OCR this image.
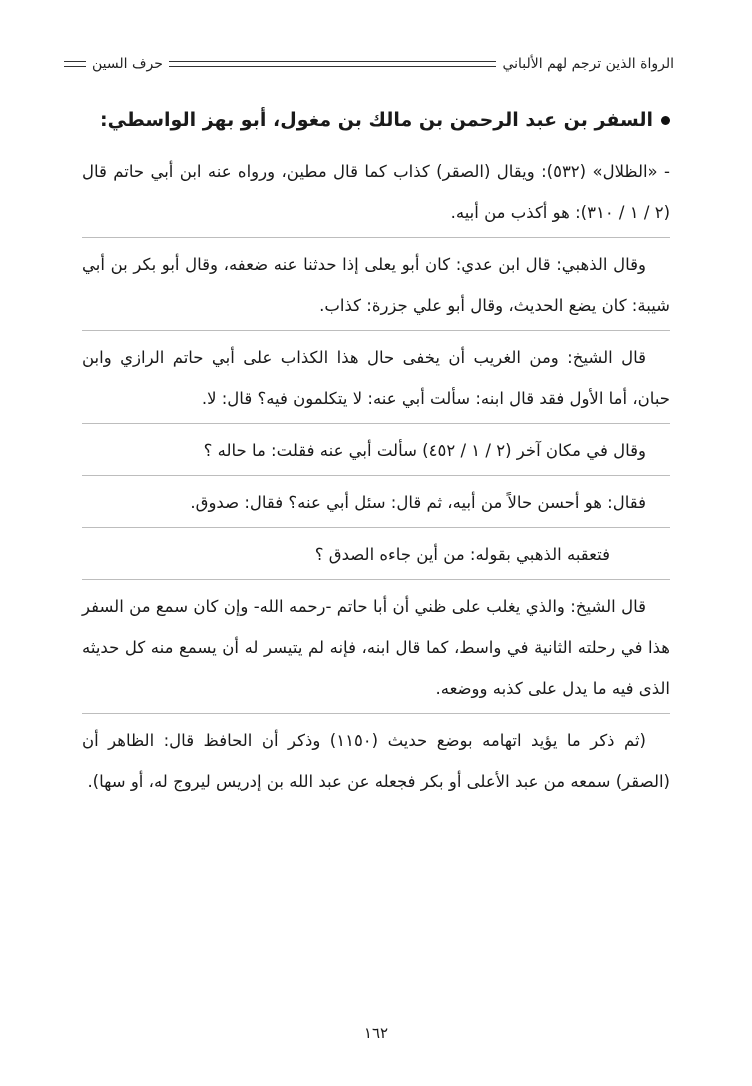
الرواة الذين ترجم لهم الألباني
حرف السين
السفر بن عبد الرحمن بن مالك بن مغول، أبو بهز الواسطي:

- «الظلال» (٥٣٢): ويقال (الصقر) كذاب كما قال مطين، ورواه عنه ابن أبي حاتم قال (٢ / ١ / ٣١٠): هو أكذب من أبيه.

وقال الذهبي: قال ابن عدي: كان أبو يعلى إذا حدثنا عنه ضعفه، وقال أبو بكر بن أبي شيبة: كان يضع الحديث، وقال أبو علي جزرة: كذاب.

قال الشيخ: ومن الغريب أن يخفى حال هذا الكذاب على أبي حاتم الرازي وابن حبان، أما الأول فقد قال ابنه: سألت أبي عنه: لا يتكلمون فيه؟ قال: لا.

وقال في مكان آخر (٢ / ١ / ٤٥٢) سألت أبي عنه فقلت: ما حاله ؟

فقال: هو أحسن حالاً من أبيه، ثم قال: سئل أبي عنه؟ فقال: صدوق.

فتعقبه الذهبي بقوله: من أين جاءه الصدق ؟

قال الشيخ: والذي يغلب على ظني أن أبا حاتم -رحمه الله- وإن كان سمع من السفر هذا في رحلته الثانية في واسط، كما قال ابنه، فإنه لم يتيسر له أن يسمع منه كل حديثه الذى فيه ما يدل على كذبه ووضعه.

(ثم ذكر ما يؤيد اتهامه بوضع حديث (١١٥٠) وذكر أن الحافظ قال: الظاهر أن (الصقر) سمعه من عبد الأعلى أو بكر فجعله عن عبد الله بن إدريس ليروج له، أو سها).

١٦٢
